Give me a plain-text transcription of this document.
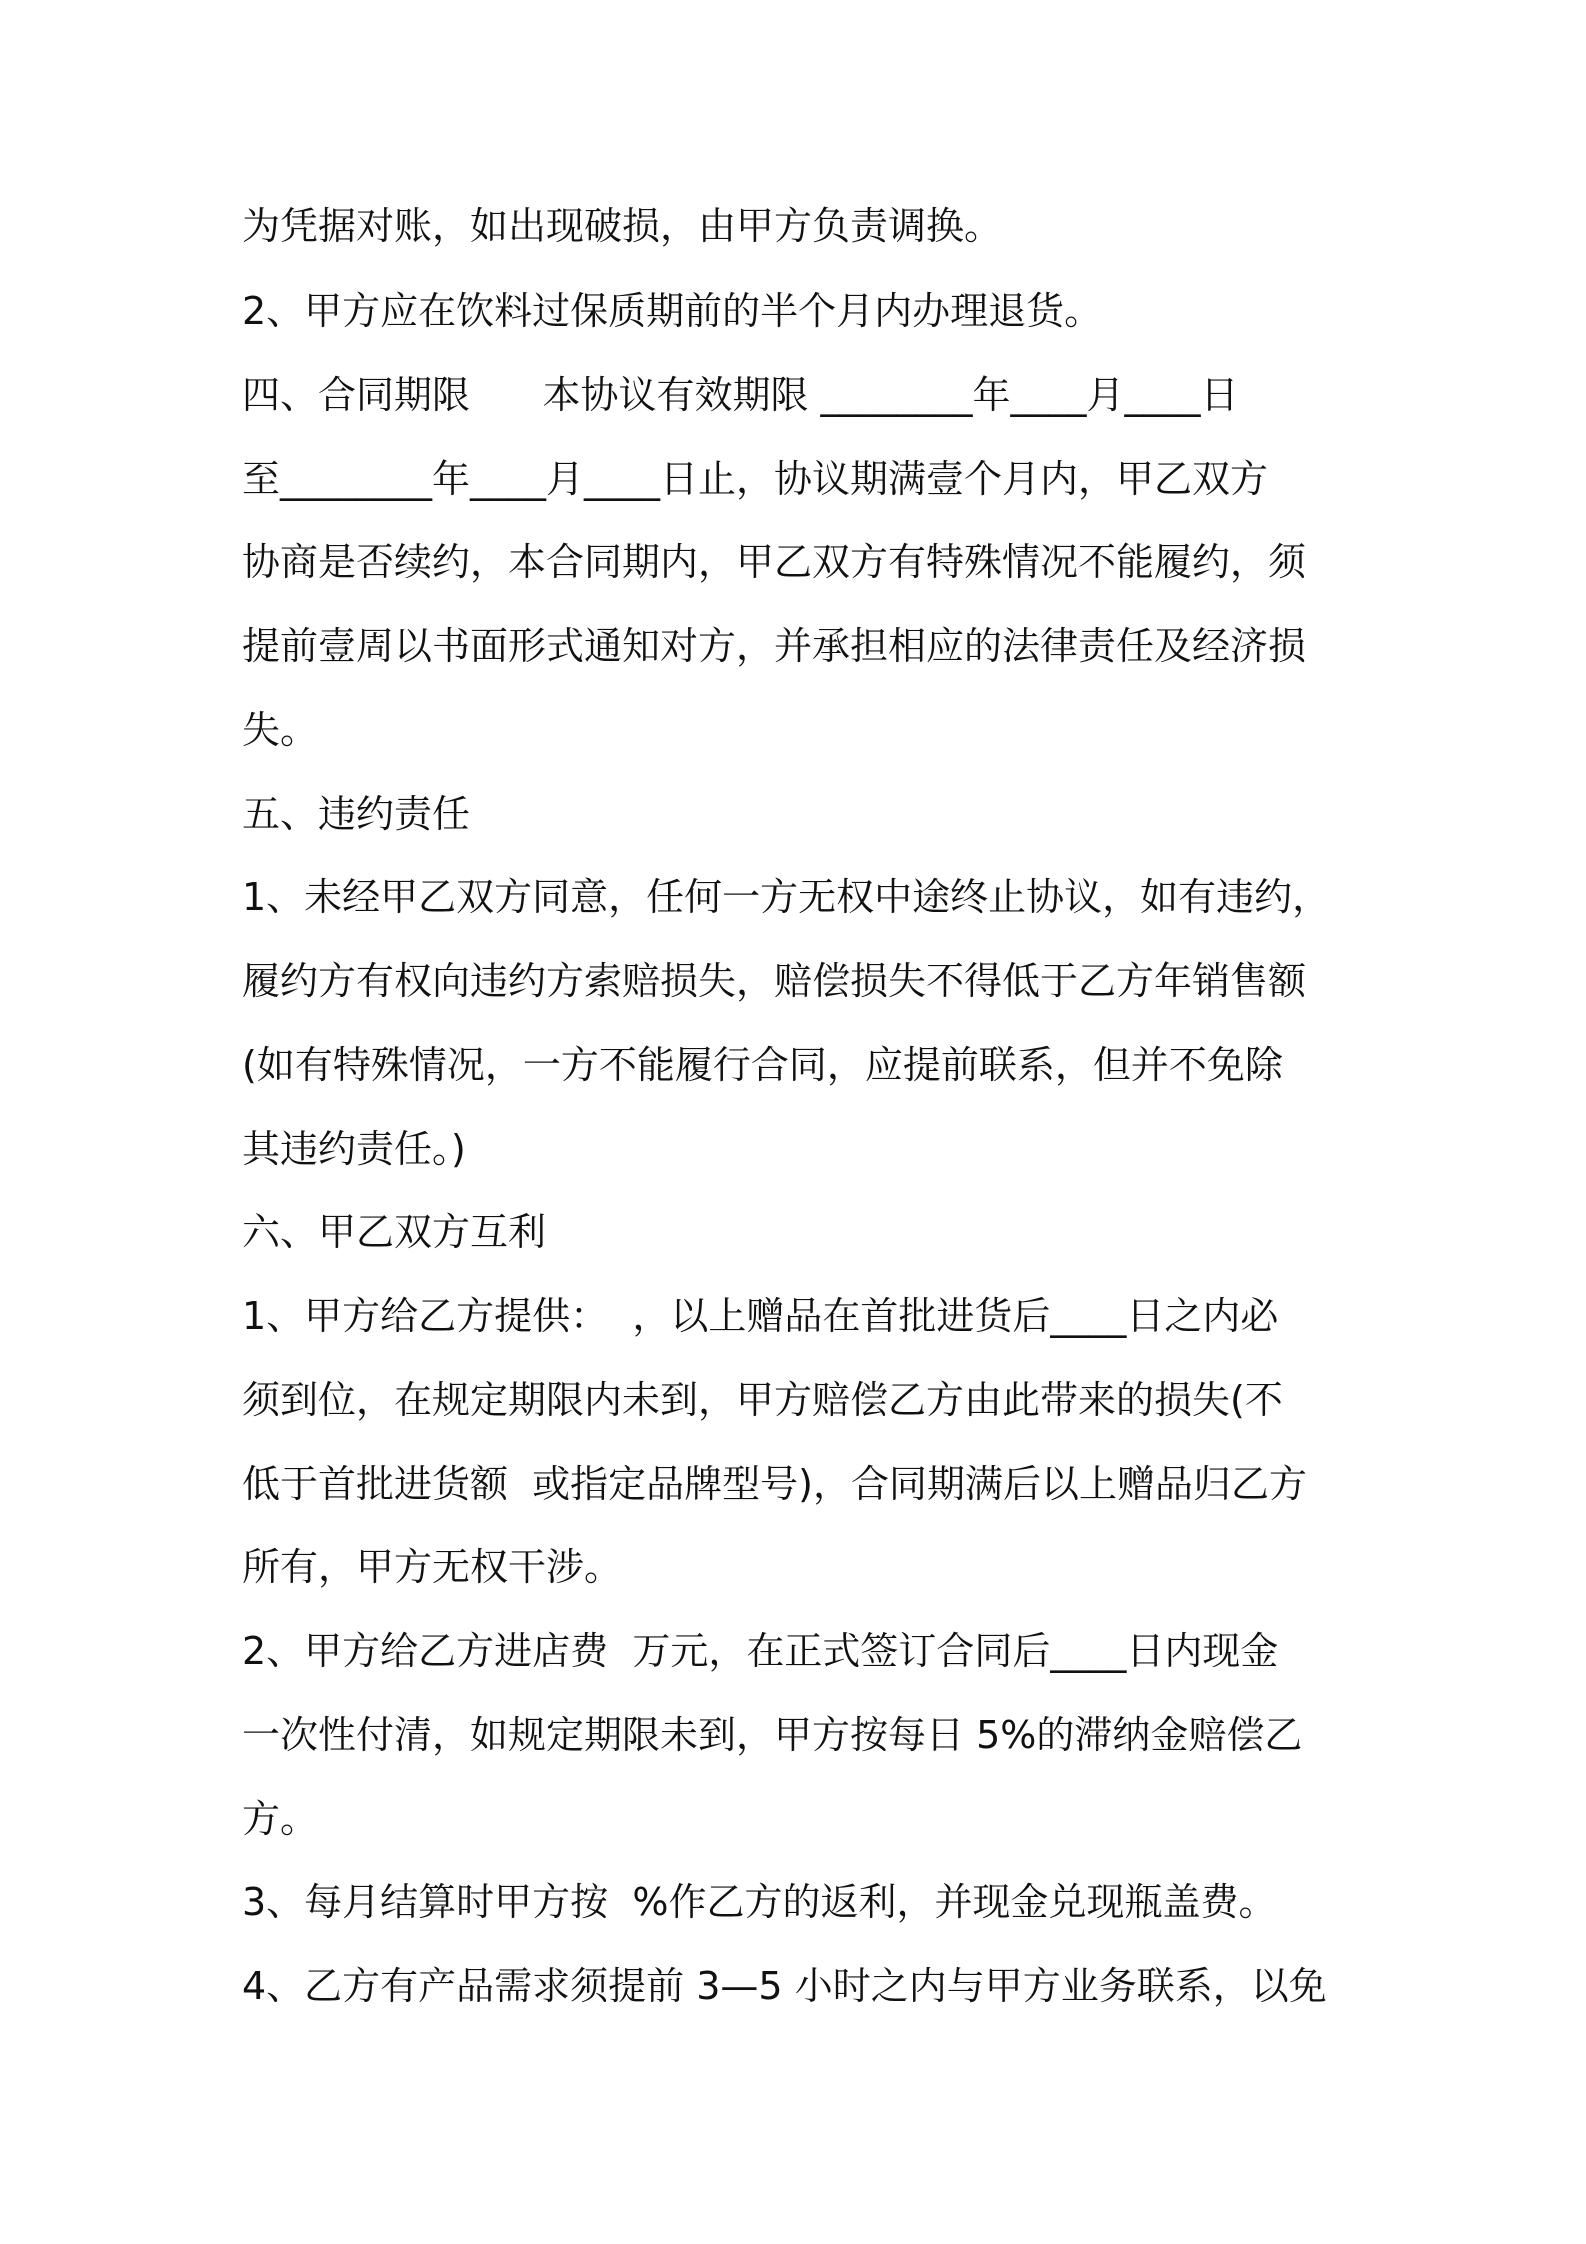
为凭据对账，如出现破损，由甲方负责调换。
2、甲方应在饮料过保质期前的半个月内办理退货。
四、合同期限      本协议有效期限 ________年____月____日
至________年____月____日止，协议期满壹个月内，甲乙双方
协商是否续约，本合同期内，甲乙双方有特殊情况不能履约，须
提前壹周以书面形式通知对方，并承担相应的法律责任及经济损
失。
五、违约责任
1、未经甲乙双方同意，任何一方无权中途终止协议，如有违约，
履约方有权向违约方索赔损失，赔偿损失不得低于乙方年销售额
(如有特殊情况，一方不能履行合同，应提前联系，但并不免除
其违约责任。)
六、甲乙双方互利
1、甲方给乙方提供：  ，以上赠品在首批进货后____日之内必
须到位，在规定期限内未到，甲方赔偿乙方由此带来的损失(不
低于首批进货额  或指定品牌型号)，合同期满后以上赠品归乙方
所有，甲方无权干涉。
2、甲方给乙方进店费  万元，在正式签订合同后____日内现金
一次性付清，如规定期限未到，甲方按每日 5%的滞纳金赔偿乙
方。
3、每月结算时甲方按  %作乙方的返利，并现金兑现瓶盖费。
4、乙方有产品需求须提前 3—5 小时之内与甲方业务联系，以免
